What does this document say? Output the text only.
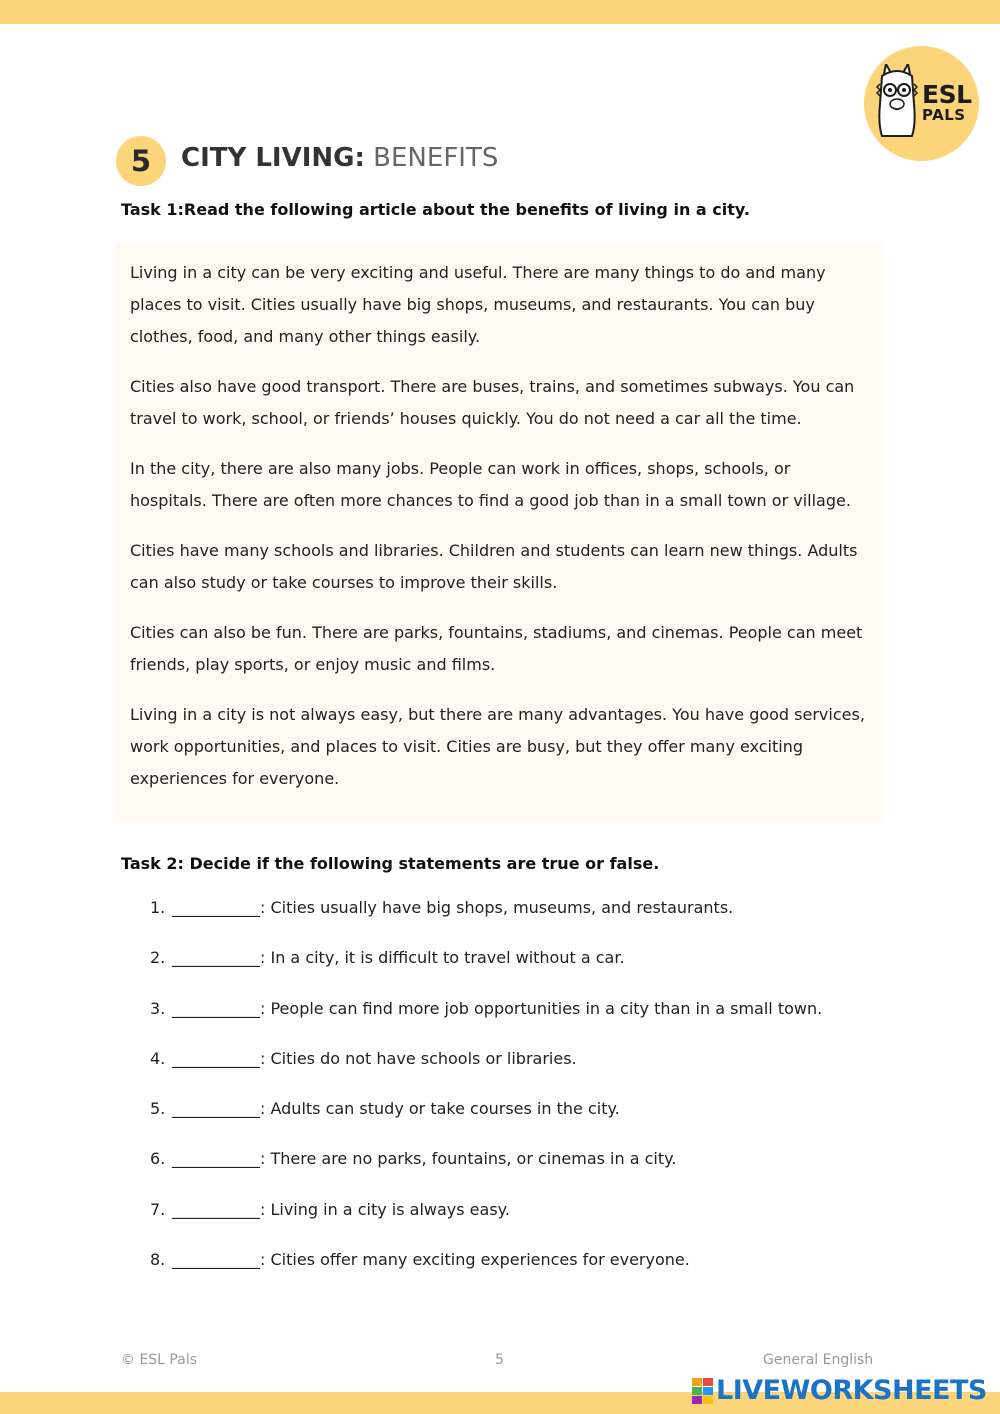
ESL
PALS
5	CITY LIVING: BENEFITS
Task 1:Read the following article about the benefits of living in a city.

Living in a city can be very exciting and useful. There are many things to do and many places to visit. Cities usually have big shops, museums, and restaurants. You can buy clothes, food, and many other things easily.

Cities also have good transport. There are buses, trains, and sometimes subways. You can travel to work, school, or friends’ houses quickly. You do not need a car all the time.

In the city, there are also many jobs. People can work in offices, shops, schools, or hospitals. There are often more chances to find a good job than in a small town or village.

Cities have many schools and libraries. Children and students can learn new things. Adults can also study or take courses to improve their skills.

Cities can also be fun. There are parks, fountains, stadiums, and cinemas. People can meet friends, play sports, or enjoy music and films.

Living in a city is not always easy, but there are many advantages. You have good services, work opportunities, and places to visit. Cities are busy, but they offer many exciting experiences for everyone.

Task 2: Decide if the following statements are true or false.
1. ___________: Cities usually have big shops, museums, and restaurants.
2. ___________: In a city, it is difficult to travel without a car.
3. ___________: People can find more job opportunities in a city than in a small town.
4. ___________: Cities do not have schools or libraries.
5. ___________: Adults can study or take courses in the city.
6. ___________: There are no parks, fountains, or cinemas in a city.
7. ___________: Living in a city is always easy.
8. ___________: Cities offer many exciting experiences for everyone.
© ESL Pals	5	General English
LIVEWORKSHEETS
